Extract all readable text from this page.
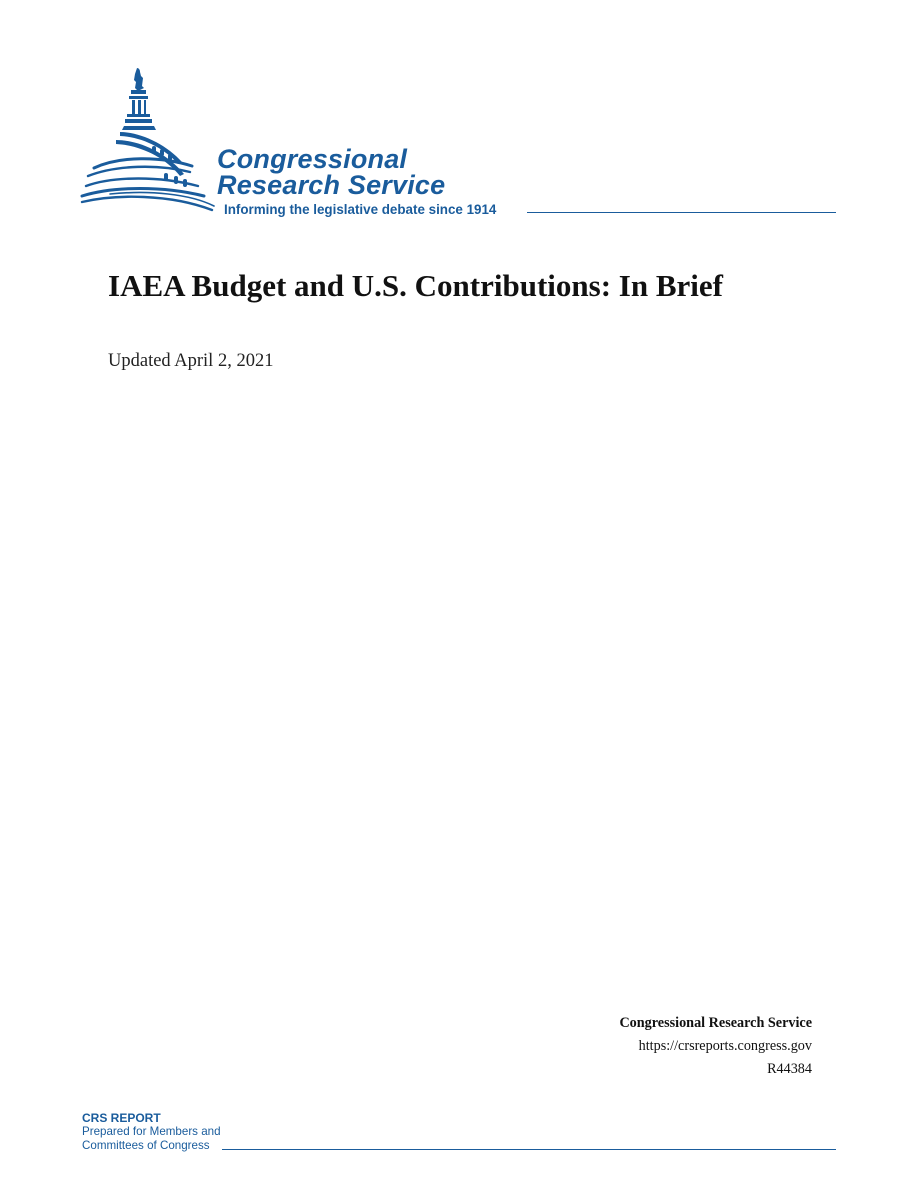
Congressional
Research Service
Informing the legislative debate since 1914
IAEA Budget and U.S. Contributions: In Brief
Updated April 2, 2021
Congressional Research Service
https://crsreports.congress.gov
R44384
CRS REPORT
Prepared for Members and
Committees of Congress
